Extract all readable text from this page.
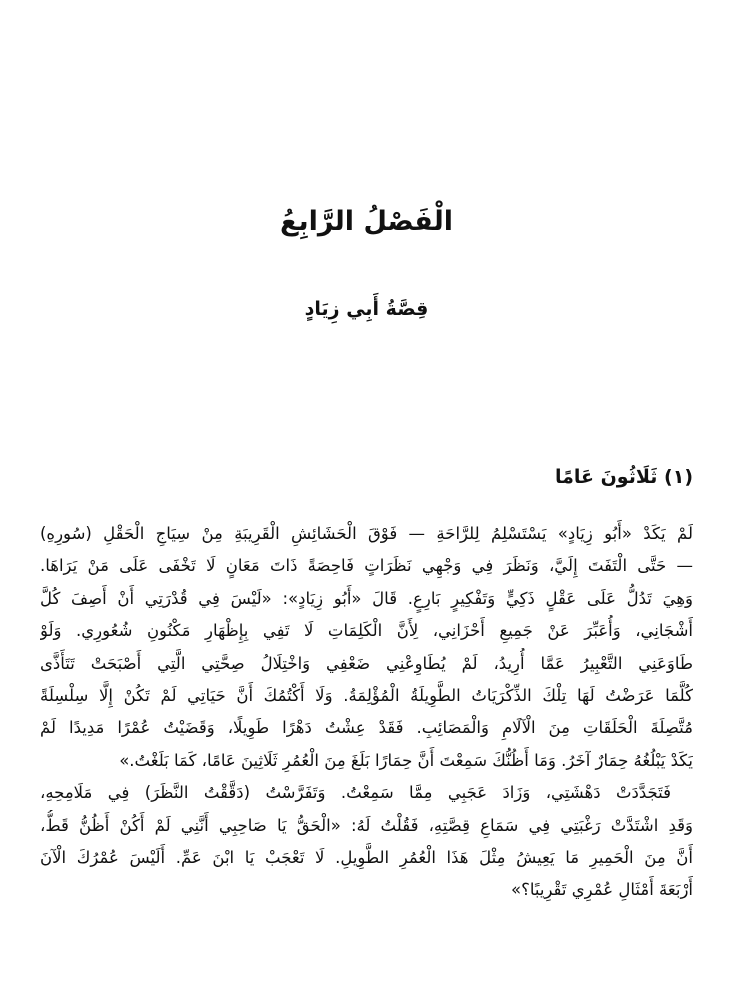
الْفَصْلُ الرَّابِعُ
قِصَّةُ أَبِي زِيَادٍ
(١) ثَلَاثُونَ عَامًا
لَمْ يَكَدْ «أَبُو زِيَادٍ» يَسْتَسْلِمُ لِلرَّاحَةِ — فَوْقَ الْحَشَائِشِ الْقَرِيبَةِ مِنْ سِيَاجِ الْحَقْلِ (سُورِهِ)
— حَتَّى الْتَفَتَ إِلَيَّ، وَنَظَرَ فِي وَجْهِي نَظَرَاتٍ فَاحِصَةً ذَاتَ مَعَانٍ لَا تَخْفَى عَلَى مَنْ يَرَاهَا.
وَهِيَ تَدُلُّ عَلَى عَقْلٍ ذَكِيٍّ وَتَفْكِيرٍ بَارِعٍ. قَالَ «أَبُو زِيَادٍ»: «لَيْسَ فِي قُدْرَتِي أَنْ أَصِفَ كُلَّ
أَشْجَانِي، وَأُعَبِّرَ عَنْ جَمِيعِ أَحْزَانِي، لِأَنَّ الْكَلِمَاتِ لَا تَفِي بِإِظْهَارِ مَكْنُونِ شُعُورِي. وَلَوْ
طَاوَعَنِي التَّعْبِيرُ عَمَّا أُرِيدُ، لَمْ يُطَاوِعْنِي ضَعْفِي وَاخْتِلَالُ صِحَّتِي الَّتِي أَصْبَحَتْ تَتَأَذَّى
كُلَّمَا عَرَضْتُ لَهَا تِلْكَ الذِّكْرَيَاتُ الطَّوِيلَةُ الْمُؤْلِمَةُ. وَلَا أَكْتُمُكَ أَنَّ حَيَاتِي لَمْ تَكُنْ إِلَّا سِلْسِلَةً
مُتَّصِلَةَ الْحَلَقَاتِ مِنَ الْآلَامِ وَالْمَصَائِبِ. فَقَدْ عِشْتُ دَهْرًا طَوِيلًا، وَقَضَيْتُ عُمْرًا مَدِيدًا لَمْ
يَكَدْ يَبْلُغُهُ حِمَارٌ آخَرُ. وَمَا أَظُنُّكَ سَمِعْتَ أَنَّ حِمَارًا بَلَغَ مِنَ الْعُمُرِ ثَلَاثِينَ عَامًا، كَمَا بَلَغْتُ.»
فَتَجَدَّدَتْ دَهْشَتِي، وَزَادَ عَجَبِي مِمَّا سَمِعْتُ. وَتَفَرَّسْتُ (دَقَّقْتُ النَّظَرَ) فِي مَلَامِحِهِ،
وَقَدِ اشْتَدَّتْ رَغْبَتِي فِي سَمَاعِ قِصَّتِهِ، فَقُلْتُ لَهُ: «الْحَقُّ يَا صَاحِبِي أَنَّنِي لَمْ أَكُنْ أَظُنُّ قَطُّ،
أَنَّ مِنَ الْحَمِيرِ مَا يَعِيشُ مِثْلَ هَذَا الْعُمُرِ الطَّوِيلِ. لَا تَعْجَبْ يَا ابْنَ عَمِّ. أَلَيْسَ عُمْرُكَ الْآنَ
أَرْبَعَةَ أَمْثَالِ عُمْرِي تَقْرِيبًا؟»
